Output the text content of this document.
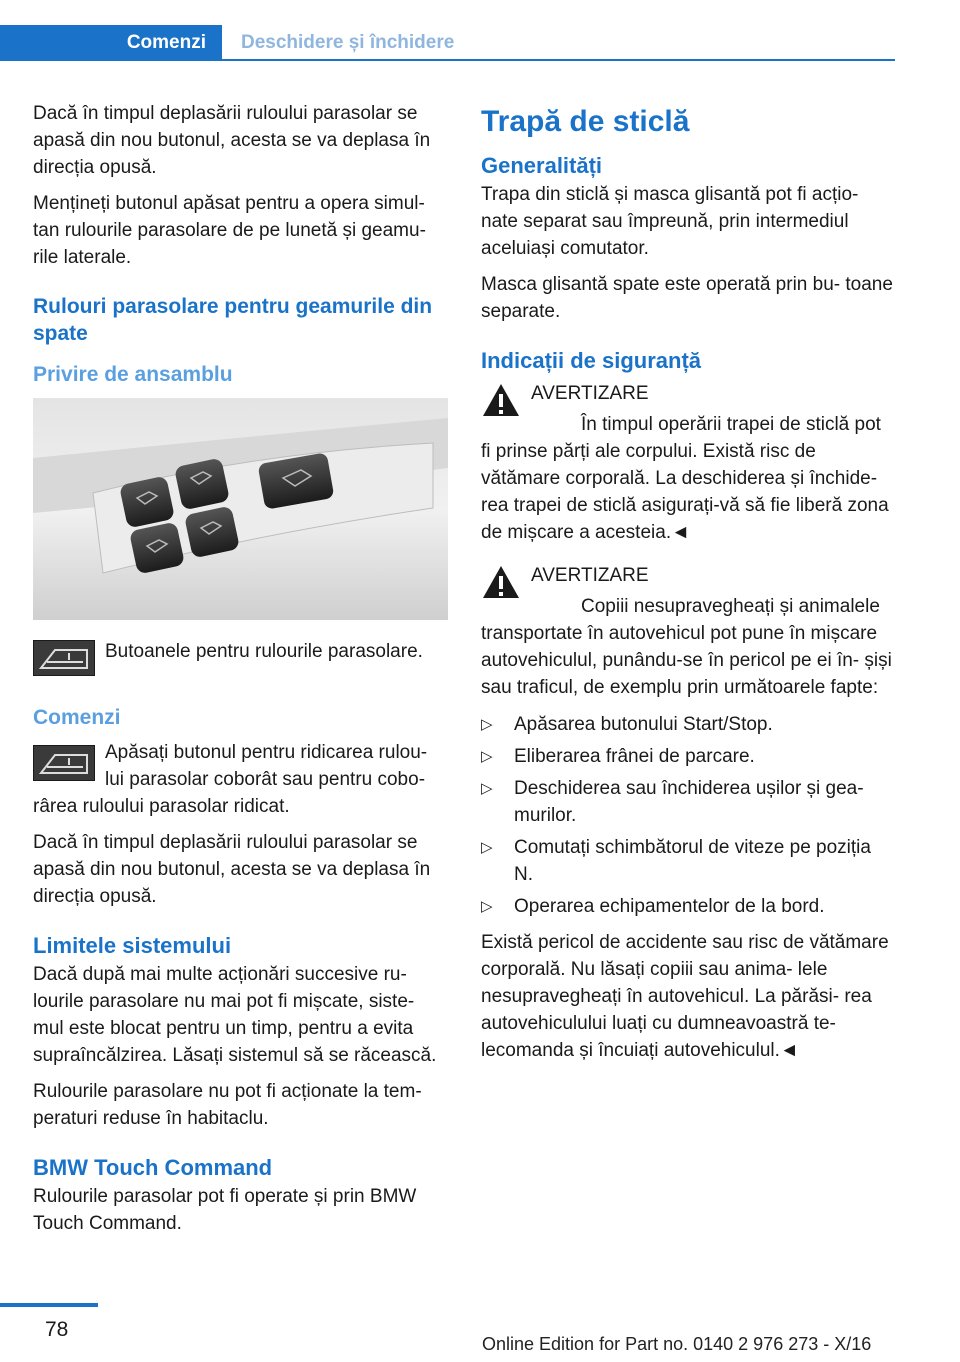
Comenzi	Deschidere și închidere

Dacă în timpul deplasării ruloului parasolar se apasă din nou butonul, acesta se va deplasa în direcția opusă.

Mențineți butonul apăsat pentru a opera simul‐ tan rulourile parasolare de pe lunetă și geamu‐ rile laterale.

Rulouri parasolare pentru geamurile din spate
Privire de ansamblu
Butoanele pentru rulourile parasolare.
Comenzi
Apăsați butonul pentru ridicarea rulou‐ lui parasolar coborât sau pentru cobo‐ rârea ruloului parasolar ridicat.

Dacă în timpul deplasării ruloului parasolar se apasă din nou butonul, acesta se va deplasa în direcția opusă.

Limitele sistemului

Dacă după mai multe acționări succesive ru‐ lourile parasolare nu mai pot fi mișcate, siste‐ mul este blocat pentru un timp, pentru a evita supraîncălzirea. Lăsați sistemul să se răcească.

Rulourile parasolare nu pot fi acționate la tem‐ peraturi reduse în habitaclu.

BMW Touch Command

Rulourile parasolar pot fi operate și prin BMW Touch Command.

Trapă de sticlă
Generalități

Trapa din sticlă și masca glisantă pot fi acțio‐ nate separat sau împreună, prin intermediul aceluiași comutator.

Masca glisantă spate este operată prin bu‐ toane separate.

Indicații de siguranță
AVERTIZARE

În timpul operării trapei de sticlă pot fi prinse părți ale corpului. Există risc de vătămare corporală. La deschiderea și închide‐ rea trapei de sticlă asigurați-vă să fie liberă zona de mișcare a acesteia.◄

AVERTIZARE

Copiii nesupravegheați și animalele transportate în autovehicul pot pune în mișcare autovehiculul, punându-se în pericol pe ei în‐ șiși sau traficul, de exemplu prin următoarele fapte:

▷ Apăsarea butonului Start/Stop.
▷ Eliberarea frânei de parcare.
▷ Deschiderea sau închiderea ușilor și gea‐ murilor.
▷ Comutați schimbătorul de viteze pe poziția N.
▷ Operarea echipamentelor de la bord.

Există pericol de accidente sau risc de vătămare corporală. Nu lăsați copiii sau anima‐ lele nesupravegheați în autovehicul. La părăsi‐ rea autovehiculului luați cu dumneavoastră te‐ lecomanda și încuiați autovehiculul.◄

78
Online Edition for Part no. 0140 2 976 273 - X/16
